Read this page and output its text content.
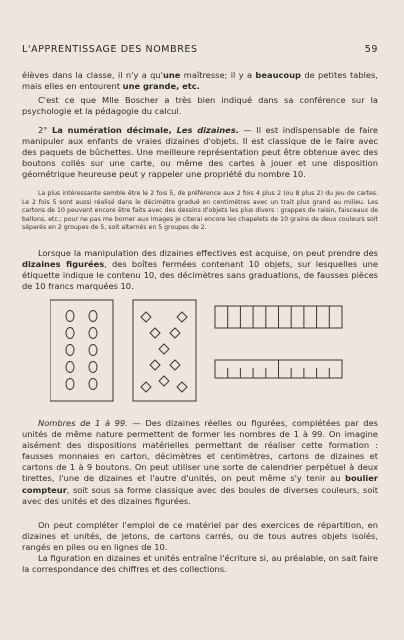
L'APPRENTISSAGE DES NOMBRES	59
élèves dans la classe, il n'y a qu'une maîtresse; il y a beaucoup de petites tables, mais elles en entourent une grande, etc.
C'est ce que Mlle Boscher a très bien indiqué dans sa conférence sur la psychologie et la pédagogie du calcul.
2° La numération décimale, Les dizaines. — Il est indispensable de faire manipuler aux enfants de vraies dizaines d'objets. Il est classique de le faire avec des paquets de bûchettes. Une meilleure représentation peut être obtenue avec des boutons collés sur une carte, ou même des cartes à jouer et une disposition géométrique heureuse peut y rappeler une propriété du nombre 10.
La plus intéressante semble être le 2 fois 5, de préférence aux 2 fois 4 plus 2 (ou 8 plus 2) du jeu de cartes. Le 2 fois 5 sont aussi réalisé dans le décimètre gradué en centimètres avec un trait plus grand au milieu. Les cartons de 10 peuvent encore être faits avec des dessins d'objets les plus divers : grappes de raisin, faisceaux de ballons, etc.; pour ne pas me borner aux images je citerai encore les chapelets de 10 grains de deux couleurs soit séparés en 2 groupes de 5, soit alternés en 5 groupes de 2.
Lorsque la manipulation des dizaines effectives est acquise, on peut prendre des dizaines figurées, des boîtes fermées contenant 10 objets, sur lesquelles une étiquette indique le contenu 10, des décimètres sans graduations, de fausses pièces de 10 francs marquées 10.
Nombres de 1 à 99. — Des dizaines réelles ou figurées, complétées par des unités de même nature permettent de former les nombres de 1 à 99. On imagine aisément des dispositions matérielles permettant de réaliser cette formation : fausses monnaies en carton, décimètres et centimètres, cartons de dizaines et cartons de 1 à 9 boutons. On peut utiliser une sorte de calendrier perpétuel à deux tirettes, l'une de dizaines et l'autre d'unités, on peut même s'y tenir au boulier compteur, soit sous sa forme classique avec des boules de diverses couleurs, soit avec des unités et des dizaines figurées.
On peut compléter l'emploi de ce matériel par des exercices de répartition, en dizaines et unités, de jetons, de cartons carrés, ou de tous autres objets isolés, rangés en piles ou en lignes de 10.
La figuration en dizaines et unités entraîne l'écriture si, au préalable, on sait faire la correspondance des chiffres et des collections.
